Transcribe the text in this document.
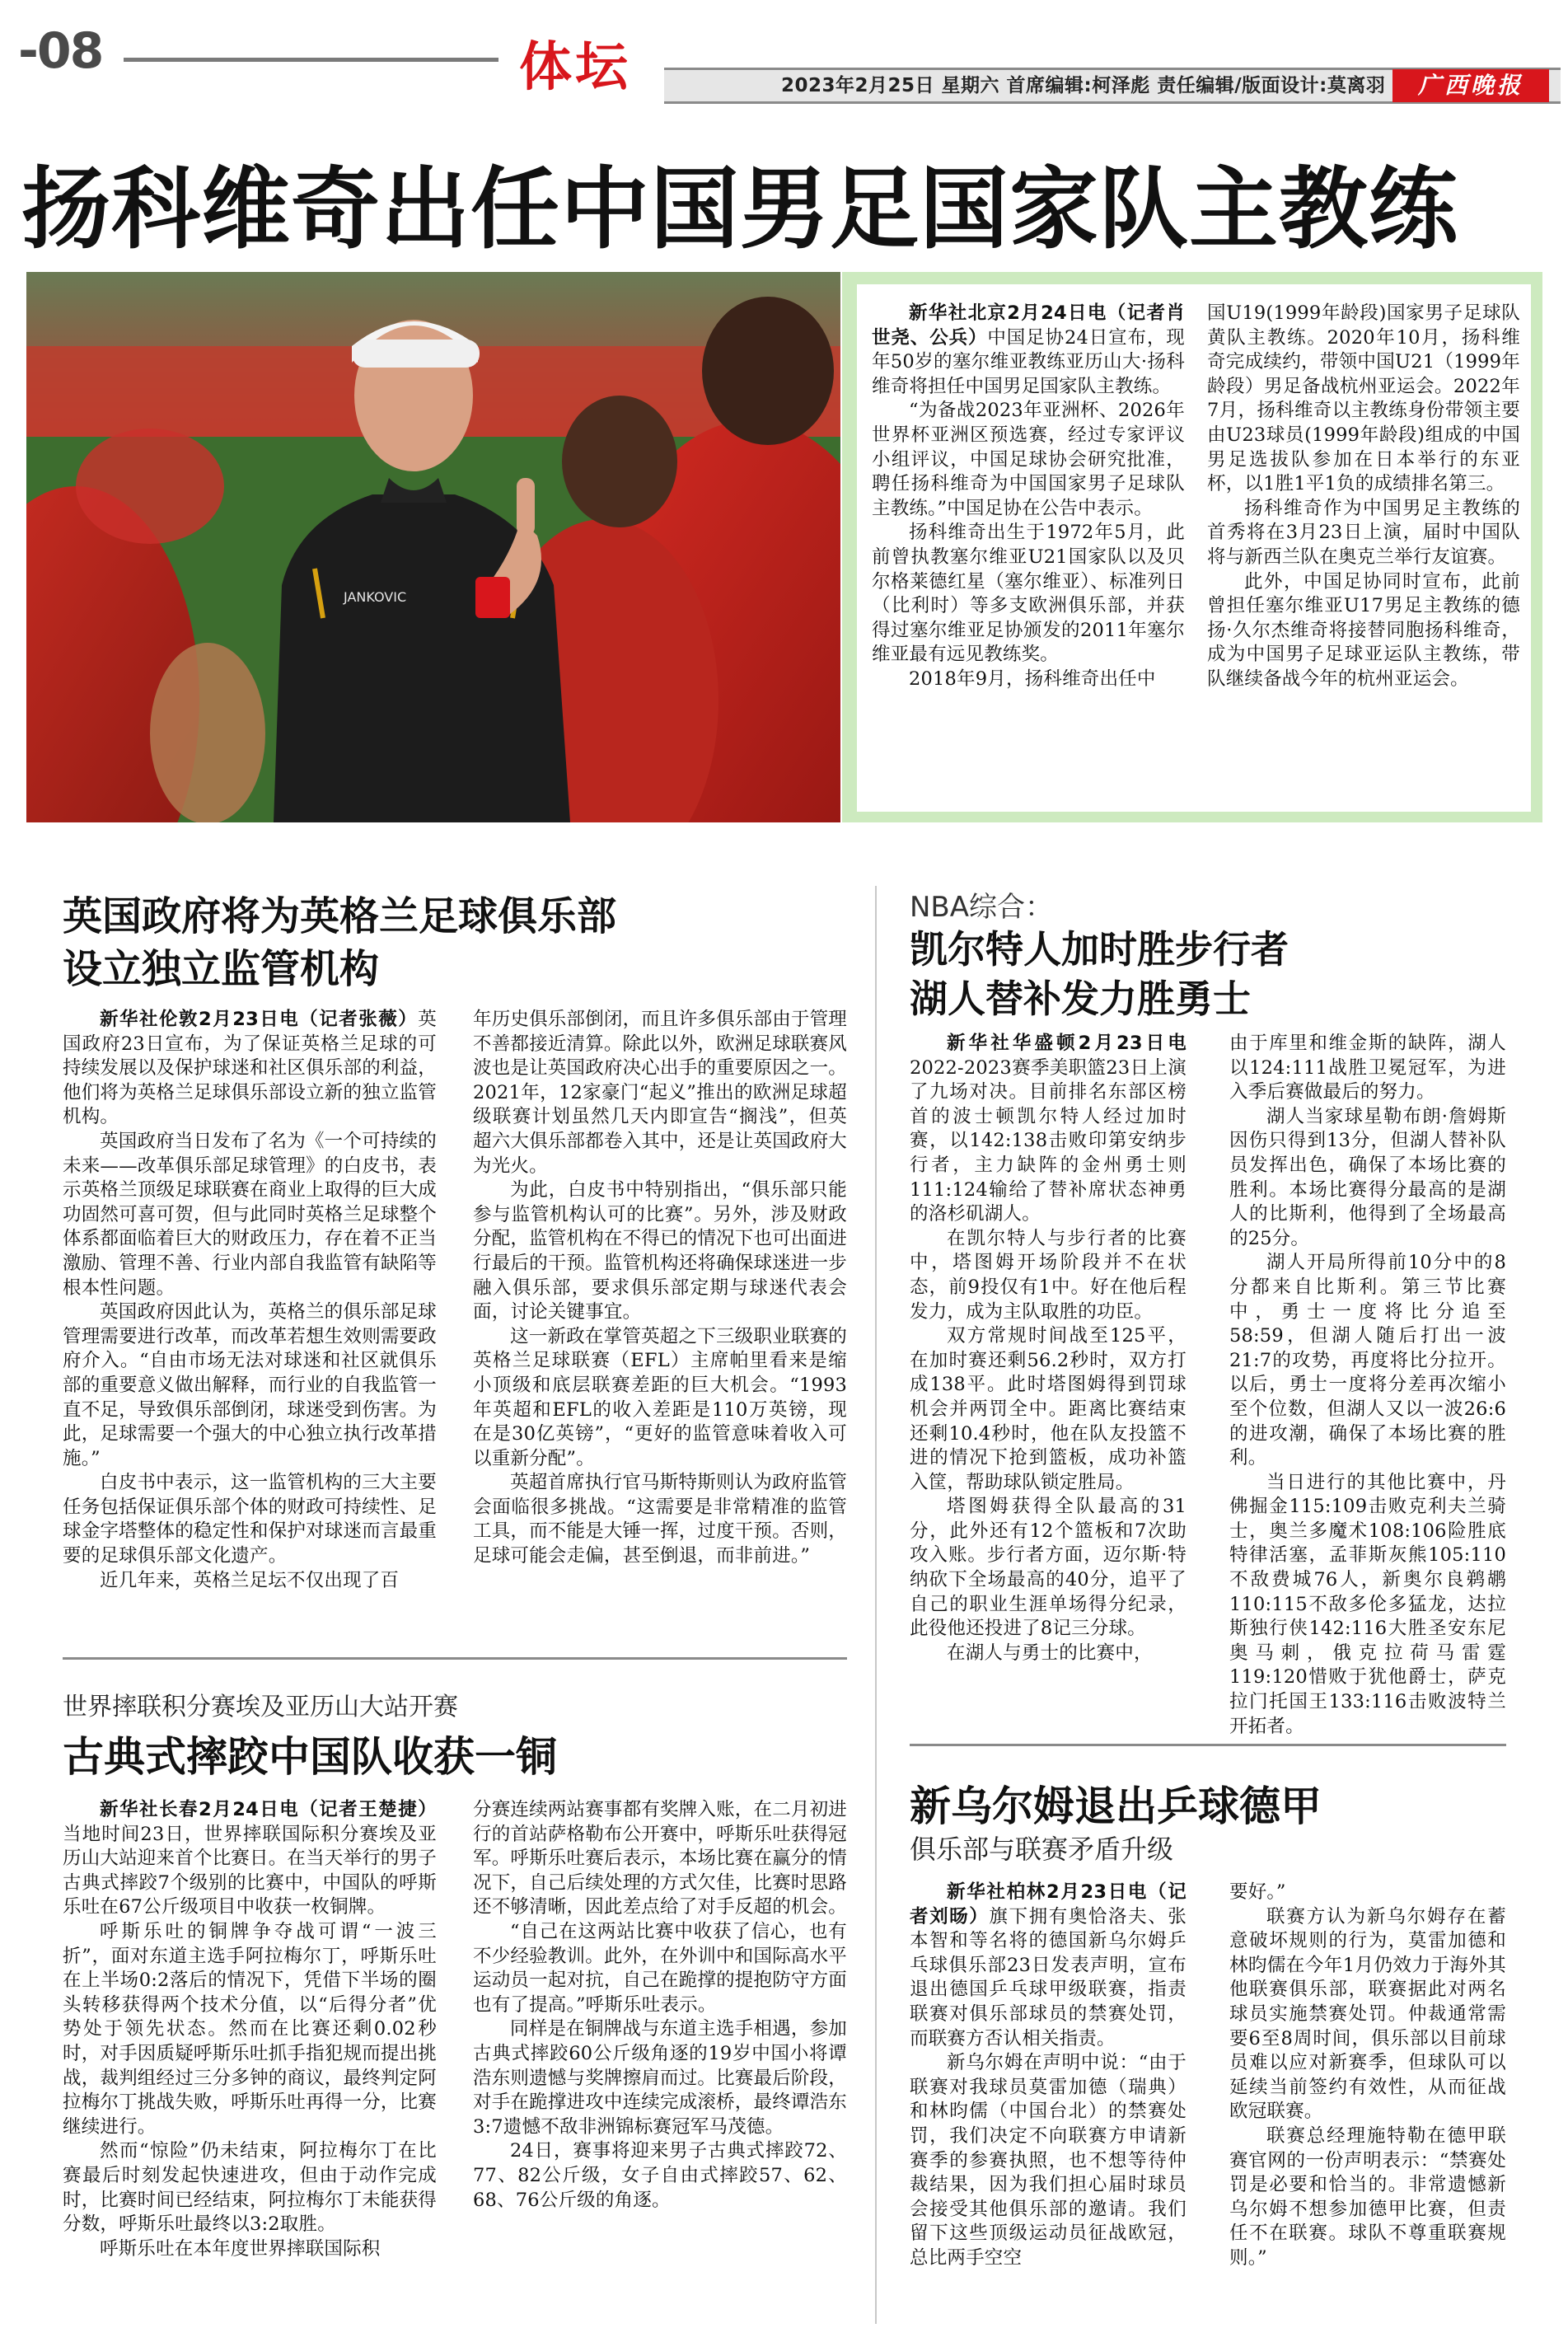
-08	体坛	2023年2月25日 星期六 首席编辑:柯泽彪 责任编辑/版面设计:莫离羽	广西晚报
扬科维奇出任中国男足国家队主教练
JANKOVIC

新华社北京2月24日电（记者肖世尧、公兵）中国足协24日宣布，现年50岁的塞尔维亚教练亚历山大·扬科维奇将担任中国男足国家队主教练。

“为备战2023年亚洲杯、2026年世界杯亚洲区预选赛，经过专家评议小组评议，中国足球协会研究批准，聘任扬科维奇为中国国家男子足球队主教练。”中国足协在公告中表示。

扬科维奇出生于1972年5月，此前曾执教塞尔维亚U21国家队以及贝尔格莱德红星（塞尔维亚）、标准列日（比利时）等多支欧洲俱乐部，并获得过塞尔维亚足协颁发的2011年塞尔维亚最有远见教练奖。

2018年9月，扬科维奇出任中

国U19(1999年龄段)国家男子足球队黄队主教练。2020年10月，扬科维奇完成续约，带领中国U21（1999年龄段）男足备战杭州亚运会。2022年7月，扬科维奇以主教练身份带领主要由U23球员(1999年龄段)组成的中国男足选拔队参加在日本举行的东亚杯，以1胜1平1负的成绩排名第三。

扬科维奇作为中国男足主教练的首秀将在3月23日上演，届时中国队将与新西兰队在奥克兰举行友谊赛。

此外，中国足协同时宣布，此前曾担任塞尔维亚U17男足主教练的德扬·久尔杰维奇将接替同胞扬科维奇，成为中国男子足球亚运队主教练，带队继续备战今年的杭州亚运会。

英国政府将为英格兰足球俱乐部
设立独立监管机构

新华社伦敦2月23日电（记者张薇）英国政府23日宣布，为了保证英格兰足球的可持续发展以及保护球迷和社区俱乐部的利益，他们将为英格兰足球俱乐部设立新的独立监管机构。

英国政府当日发布了名为《一个可持续的未来——改革俱乐部足球管理》的白皮书，表示英格兰顶级足球联赛在商业上取得的巨大成功固然可喜可贺，但与此同时英格兰足球整个体系都面临着巨大的财政压力，存在着不正当激励、管理不善、行业内部自我监管有缺陷等根本性问题。

英国政府因此认为，英格兰的俱乐部足球管理需要进行改革，而改革若想生效则需要政府介入。“自由市场无法对球迷和社区就俱乐部的重要意义做出解释，而行业的自我监管一直不足，导致俱乐部倒闭，球迷受到伤害。为此，足球需要一个强大的中心独立执行改革措施。”

白皮书中表示，这一监管机构的三大主要任务包括保证俱乐部个体的财政可持续性、足球金字塔整体的稳定性和保护对球迷而言最重要的足球俱乐部文化遗产。

近几年来，英格兰足坛不仅出现了百

年历史俱乐部倒闭，而且许多俱乐部由于管理不善都接近清算。除此以外，欧洲足球联赛风波也是让英国政府决心出手的重要原因之一。2021年，12家豪门“起义”推出的欧洲足球超级联赛计划虽然几天内即宣告“搁浅”，但英超六大俱乐部都卷入其中，还是让英国政府大为光火。

为此，白皮书中特别指出，“俱乐部只能参与监管机构认可的比赛”。另外，涉及财政分配，监管机构在不得已的情况下也可出面进行最后的干预。监管机构还将确保球迷进一步融入俱乐部，要求俱乐部定期与球迷代表会面，讨论关键事宜。

这一新政在掌管英超之下三级职业联赛的英格兰足球联赛（EFL）主席帕里看来是缩小顶级和底层联赛差距的巨大机会。“1993年英超和EFL的收入差距是110万英镑，现在是30亿英镑”，“更好的监管意味着收入可以重新分配”。

英超首席执行官马斯特斯则认为政府监管会面临很多挑战。“这需要是非常精准的监管工具，而不能是大锤一挥，过度干预。否则，足球可能会走偏，甚至倒退，而非前进。”

世界摔联积分赛埃及亚历山大站开赛
古典式摔跤中国队收获一铜

新华社长春2月24日电（记者王楚捷）当地时间23日，世界摔联国际积分赛埃及亚历山大站迎来首个比赛日。在当天举行的男子古典式摔跤7个级别的比赛中，中国队的呼斯乐吐在67公斤级项目中收获一枚铜牌。

呼斯乐吐的铜牌争夺战可谓“一波三折”，面对东道主选手阿拉梅尔丁，呼斯乐吐在上半场0:2落后的情况下，凭借下半场的圈头转移获得两个技术分值，以“后得分者”优势处于领先状态。然而在比赛还剩0.02秒时，对手因质疑呼斯乐吐抓手指犯规而提出挑战，裁判组经过三分多钟的商议，最终判定阿拉梅尔丁挑战失败，呼斯乐吐再得一分，比赛继续进行。

然而“惊险”仍未结束，阿拉梅尔丁在比赛最后时刻发起快速进攻，但由于动作完成时，比赛时间已经结束，阿拉梅尔丁未能获得分数，呼斯乐吐最终以3:2取胜。

呼斯乐吐在本年度世界摔联国际积

分赛连续两站赛事都有奖牌入账，在二月初进行的首站萨格勒布公开赛中，呼斯乐吐获得冠军。呼斯乐吐赛后表示，本场比赛在赢分的情况下，自己后续处理的方式欠佳，比赛时思路还不够清晰，因此差点给了对手反超的机会。

“自己在这两站比赛中收获了信心，也有不少经验教训。此外，在外训中和国际高水平运动员一起对抗，自己在跪撑的提抱防守方面也有了提高。”呼斯乐吐表示。

同样是在铜牌战与东道主选手相遇，参加古典式摔跤60公斤级角逐的19岁中国小将谭浩东则遗憾与奖牌擦肩而过。比赛最后阶段，对手在跪撑进攻中连续完成滚桥，最终谭浩东3:7遗憾不敌非洲锦标赛冠军马茂德。

24日，赛事将迎来男子古典式摔跤72、77、82公斤级，女子自由式摔跤57、62、68、76公斤级的角逐。

NBA综合：
凯尔特人加时胜步行者
湖人替补发力胜勇士

新华社华盛顿2月23日电2022-2023赛季美职篮23日上演了九场对决。目前排名东部区榜首的波士顿凯尔特人经过加时赛，以142:138击败印第安纳步行者，主力缺阵的金州勇士则111:124输给了替补席状态神勇的洛杉矶湖人。

在凯尔特人与步行者的比赛中，塔图姆开场阶段并不在状态，前9投仅有1中。好在他后程发力，成为主队取胜的功臣。

双方常规时间战至125平，在加时赛还剩56.2秒时，双方打成138平。此时塔图姆得到罚球机会并两罚全中。距离比赛结束还剩10.4秒时，他在队友投篮不进的情况下抢到篮板，成功补篮入筐，帮助球队锁定胜局。

塔图姆获得全队最高的31分，此外还有12个篮板和7次助攻入账。步行者方面，迈尔斯·特纳砍下全场最高的40分，追平了自己的职业生涯单场得分纪录，此役他还投进了8记三分球。

在湖人与勇士的比赛中，

由于库里和维金斯的缺阵，湖人以124:111战胜卫冕冠军，为进入季后赛做最后的努力。

湖人当家球星勒布朗·詹姆斯因伤只得到13分，但湖人替补队员发挥出色，确保了本场比赛的胜利。本场比赛得分最高的是湖人的比斯利，他得到了全场最高的25分。

湖人开局所得前10分中的8分都来自比斯利。第三节比赛中，勇士一度将比分追至58:59，但湖人随后打出一波21:7的攻势，再度将比分拉开。以后，勇士一度将分差再次缩小至个位数，但湖人又以一波26:6的进攻潮，确保了本场比赛的胜利。

当日进行的其他比赛中，丹佛掘金115:109击败克利夫兰骑士，奥兰多魔术108:106险胜底特律活塞，孟菲斯灰熊105:110不敌费城76人，新奥尔良鹈鹕110:115不敌多伦多猛龙，达拉斯独行侠142:116大胜圣安东尼奥马刺，俄克拉荷马雷霆119:120惜败于犹他爵士，萨克拉门托国王133:116击败波特兰开拓者。

新乌尔姆退出乒球德甲
俱乐部与联赛矛盾升级

新华社柏林2月23日电（记者刘旸）旗下拥有奥恰洛夫、张本智和等名将的德国新乌尔姆乒乓球俱乐部23日发表声明，宣布退出德国乒乓球甲级联赛，指责联赛对俱乐部球员的禁赛处罚，而联赛方否认相关指责。

新乌尔姆在声明中说：“由于联赛对我球员莫雷加德（瑞典）和林昀儒（中国台北）的禁赛处罚，我们决定不向联赛方申请新赛季的参赛执照，也不想等待仲裁结果，因为我们担心届时球员会接受其他俱乐部的邀请。我们留下这些顶级运动员征战欧冠，总比两手空空

要好。”

联赛方认为新乌尔姆存在蓄意破坏规则的行为，莫雷加德和林昀儒在今年1月仍效力于海外其他联赛俱乐部，联赛据此对两名球员实施禁赛处罚。仲裁通常需要6至8周时间，俱乐部以目前球员难以应对新赛季，但球队可以延续当前签约有效性，从而征战欧冠联赛。

联赛总经理施特勒在德甲联赛官网的一份声明表示：“禁赛处罚是必要和恰当的。非常遗憾新乌尔姆不想参加德甲比赛，但责任不在联赛。球队不尊重联赛规则。”
